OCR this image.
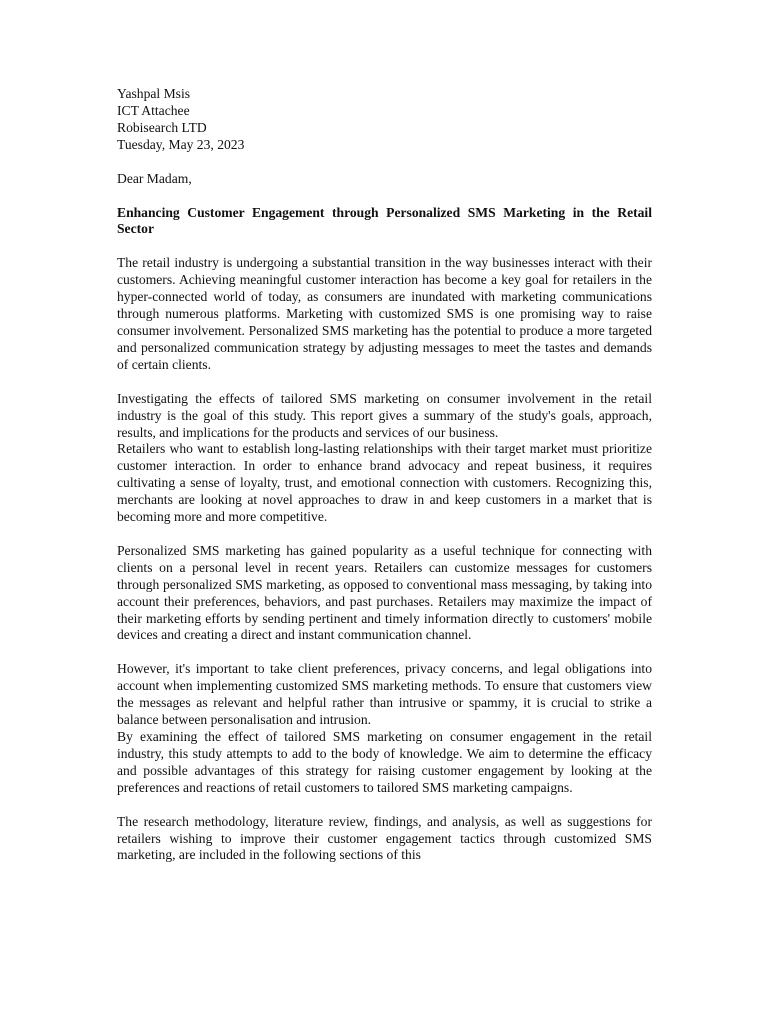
Yashpal Msis
ICT Attachee
Robisearch LTD
Tuesday, May 23, 2023
Dear Madam,
Enhancing Customer Engagement through Personalized SMS Marketing in the Retail Sector

The retail industry is undergoing a substantial transition in the way businesses interact with their customers. Achieving meaningful customer interaction has become a key goal for retailers in the hyper-connected world of today, as consumers are inundated with marketing communications through numerous platforms. Marketing with customized SMS is one promising way to raise consumer involvement. Personalized SMS marketing has the potential to produce a more targeted and personalized communication strategy by adjusting messages to meet the tastes and demands of certain clients.

Investigating the effects of tailored SMS marketing on consumer involvement in the retail industry is the goal of this study. This report gives a summary of the study's goals, approach, results, and implications for the products and services of our business.

Retailers who want to establish long-lasting relationships with their target market must prioritize customer interaction. In order to enhance brand advocacy and repeat business, it requires cultivating a sense of loyalty, trust, and emotional connection with customers. Recognizing this, merchants are looking at novel approaches to draw in and keep customers in a market that is becoming more and more competitive.

Personalized SMS marketing has gained popularity as a useful technique for connecting with clients on a personal level in recent years. Retailers can customize messages for customers through personalized SMS marketing, as opposed to conventional mass messaging, by taking into account their preferences, behaviors, and past purchases. Retailers may maximize the impact of their marketing efforts by sending pertinent and timely information directly to customers' mobile devices and creating a direct and instant communication channel.

However, it's important to take client preferences, privacy concerns, and legal obligations into account when implementing customized SMS marketing methods. To ensure that customers view the messages as relevant and helpful rather than intrusive or spammy, it is crucial to strike a balance between personalisation and intrusion.

By examining the effect of tailored SMS marketing on consumer engagement in the retail industry, this study attempts to add to the body of knowledge. We aim to determine the efficacy and possible advantages of this strategy for raising customer engagement by looking at the preferences and reactions of retail customers to tailored SMS marketing campaigns.

The research methodology, literature review, findings, and analysis, as well as suggestions for retailers wishing to improve their customer engagement tactics through customized SMS marketing, are included in the following sections of this
